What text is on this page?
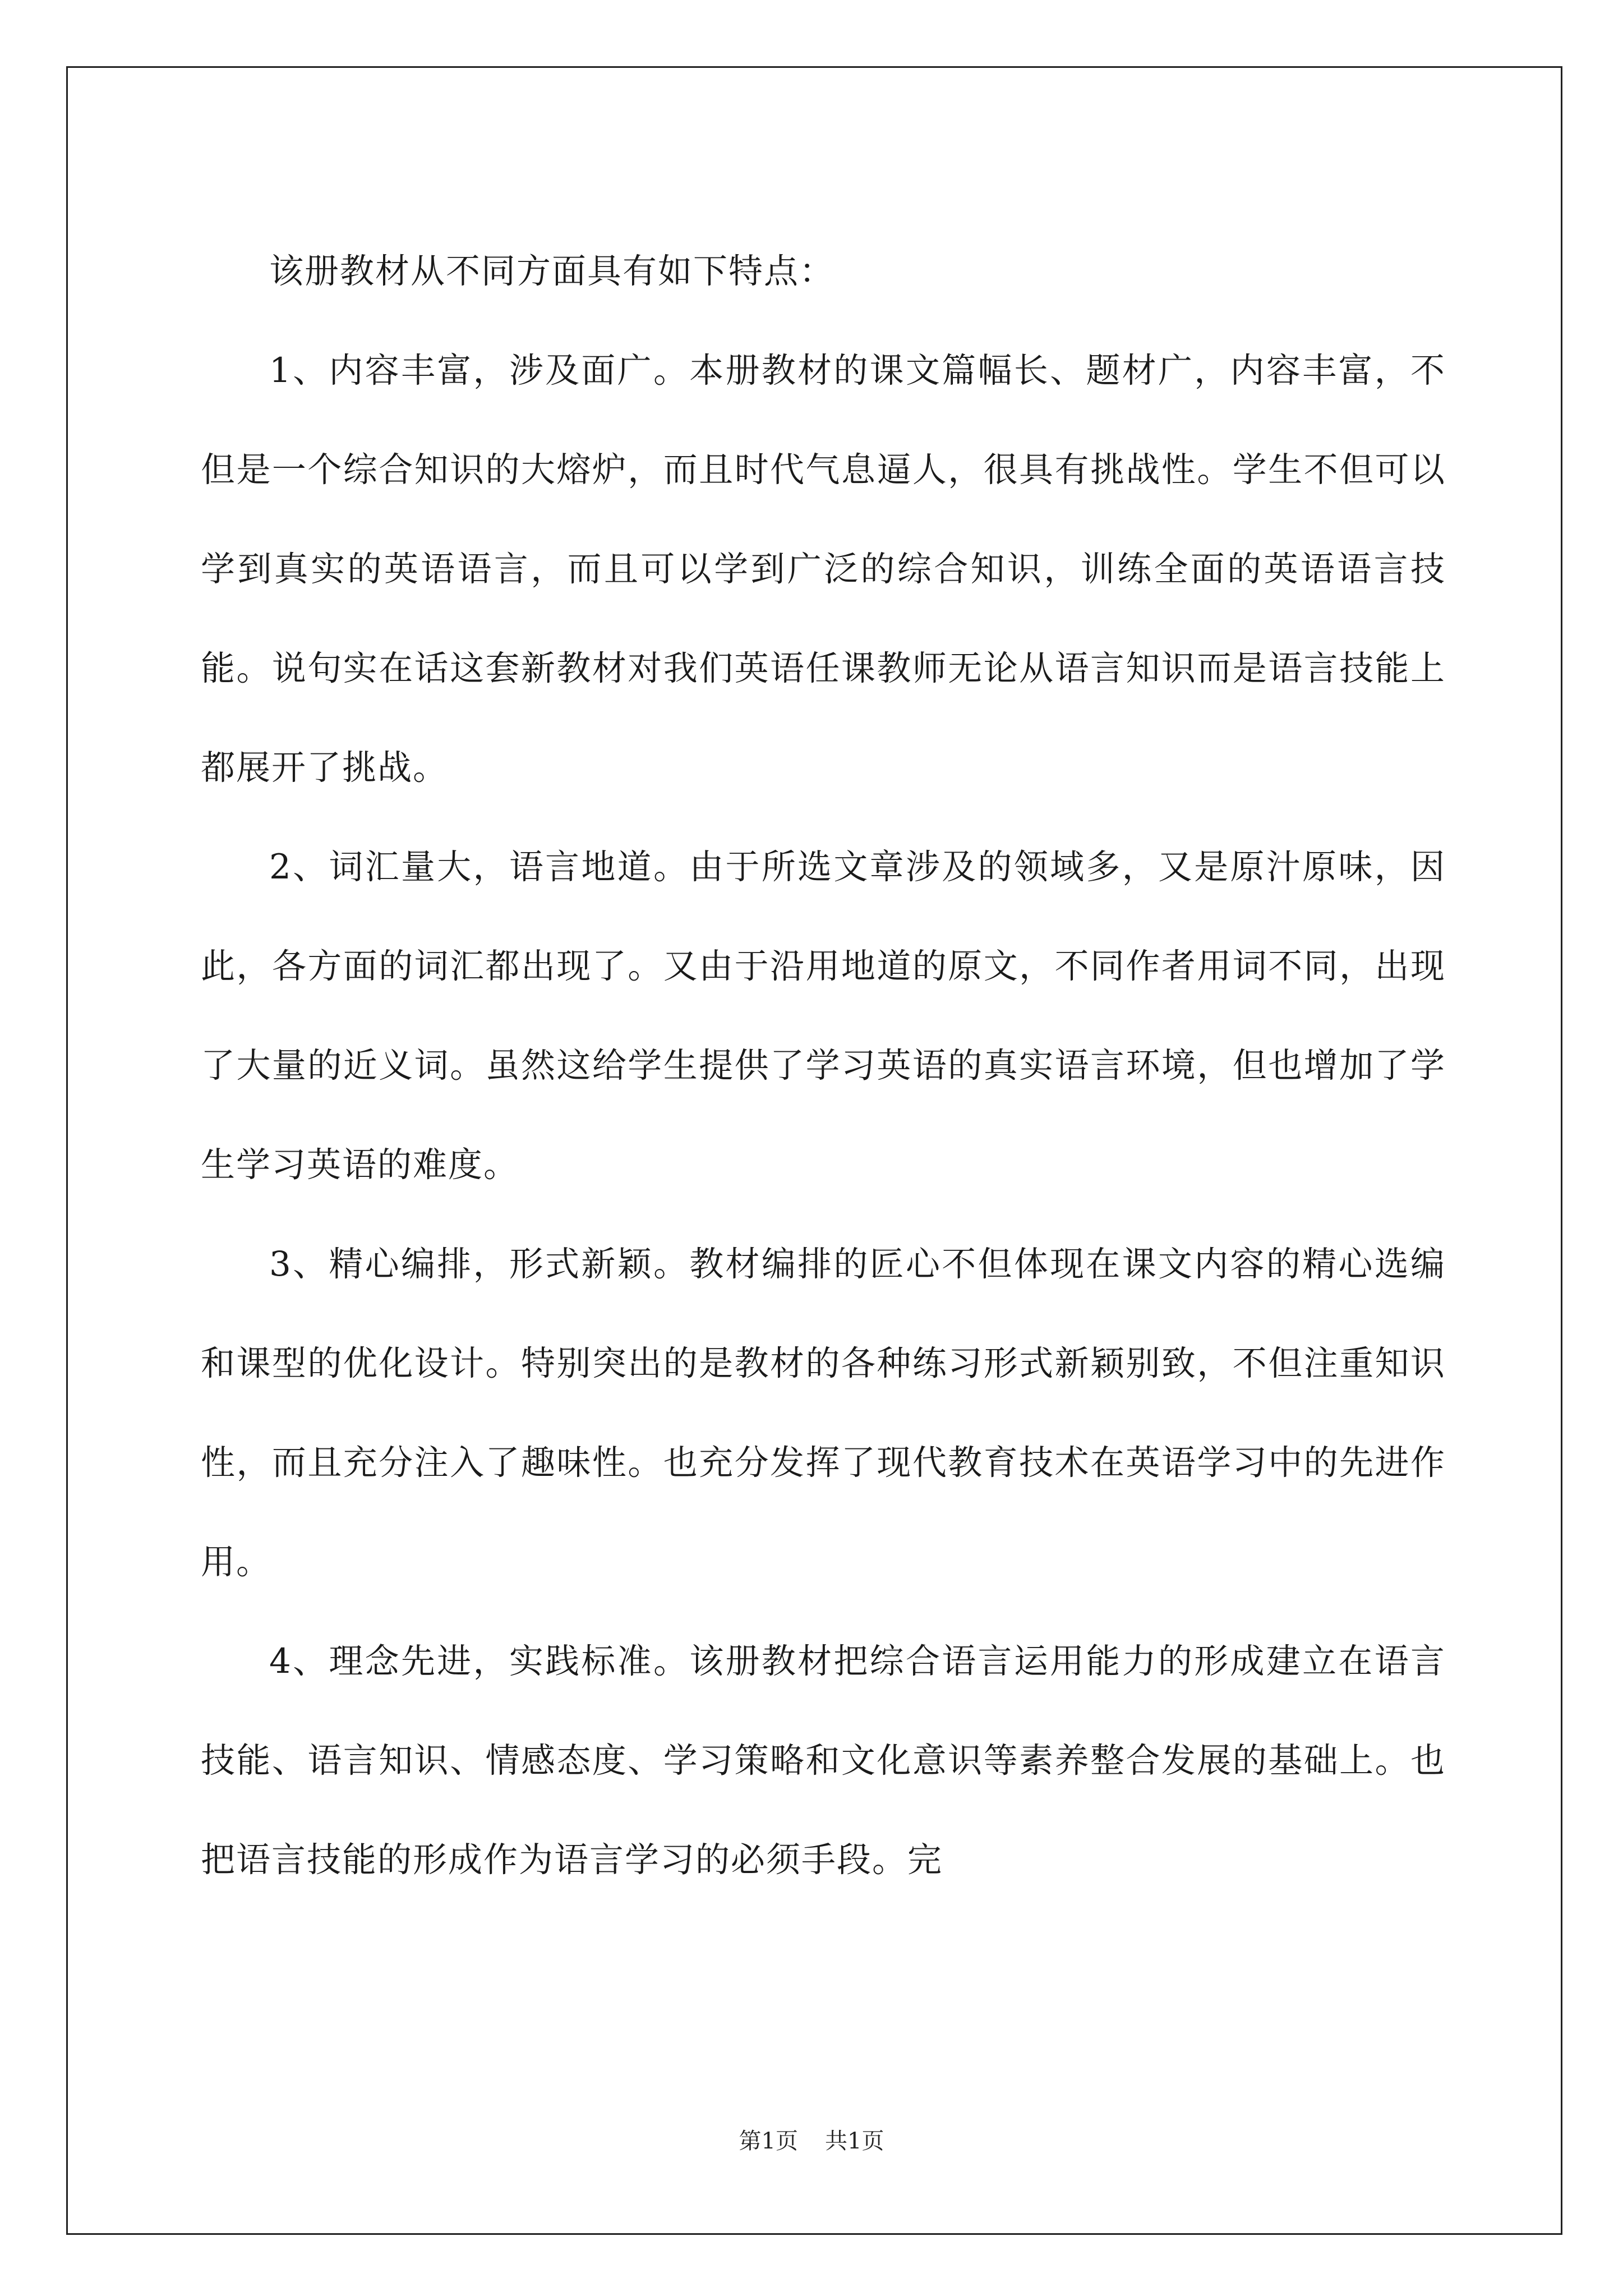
该册教材从不同方面具有如下特点：

1、内容丰富，涉及面广。本册教材的课文篇幅长、题材广，内容丰富，不但是一个综合知识的大熔炉，而且时代气息逼人，很具有挑战性。学生不但可以学到真实的英语语言，而且可以学到广泛的综合知识，训练全面的英语语言技能。说句实在话这套新教材对我们英语任课教师无论从语言知识而是语言技能上都展开了挑战。

2、词汇量大，语言地道。由于所选文章涉及的领域多，又是原汁原味，因此，各方面的词汇都出现了。又由于沿用地道的原文，不同作者用词不同，出现了大量的近义词。虽然这给学生提供了学习英语的真实语言环境，但也增加了学生学习英语的难度。

3、精心编排，形式新颖。教材编排的匠心不但体现在课文内容的精心选编和课型的优化设计。特别突出的是教材的各种练习形式新颖别致，不但注重知识性，而且充分注入了趣味性。也充分发挥了现代教育技术在英语学习中的先进作用。

4、理念先进，实践标准。该册教材把综合语言运用能力的形成建立在语言技能、语言知识、情感态度、学习策略和文化意识等素养整合发展的基础上。也把语言技能的形成作为语言学习的必须手段。完

第1页 共1页
